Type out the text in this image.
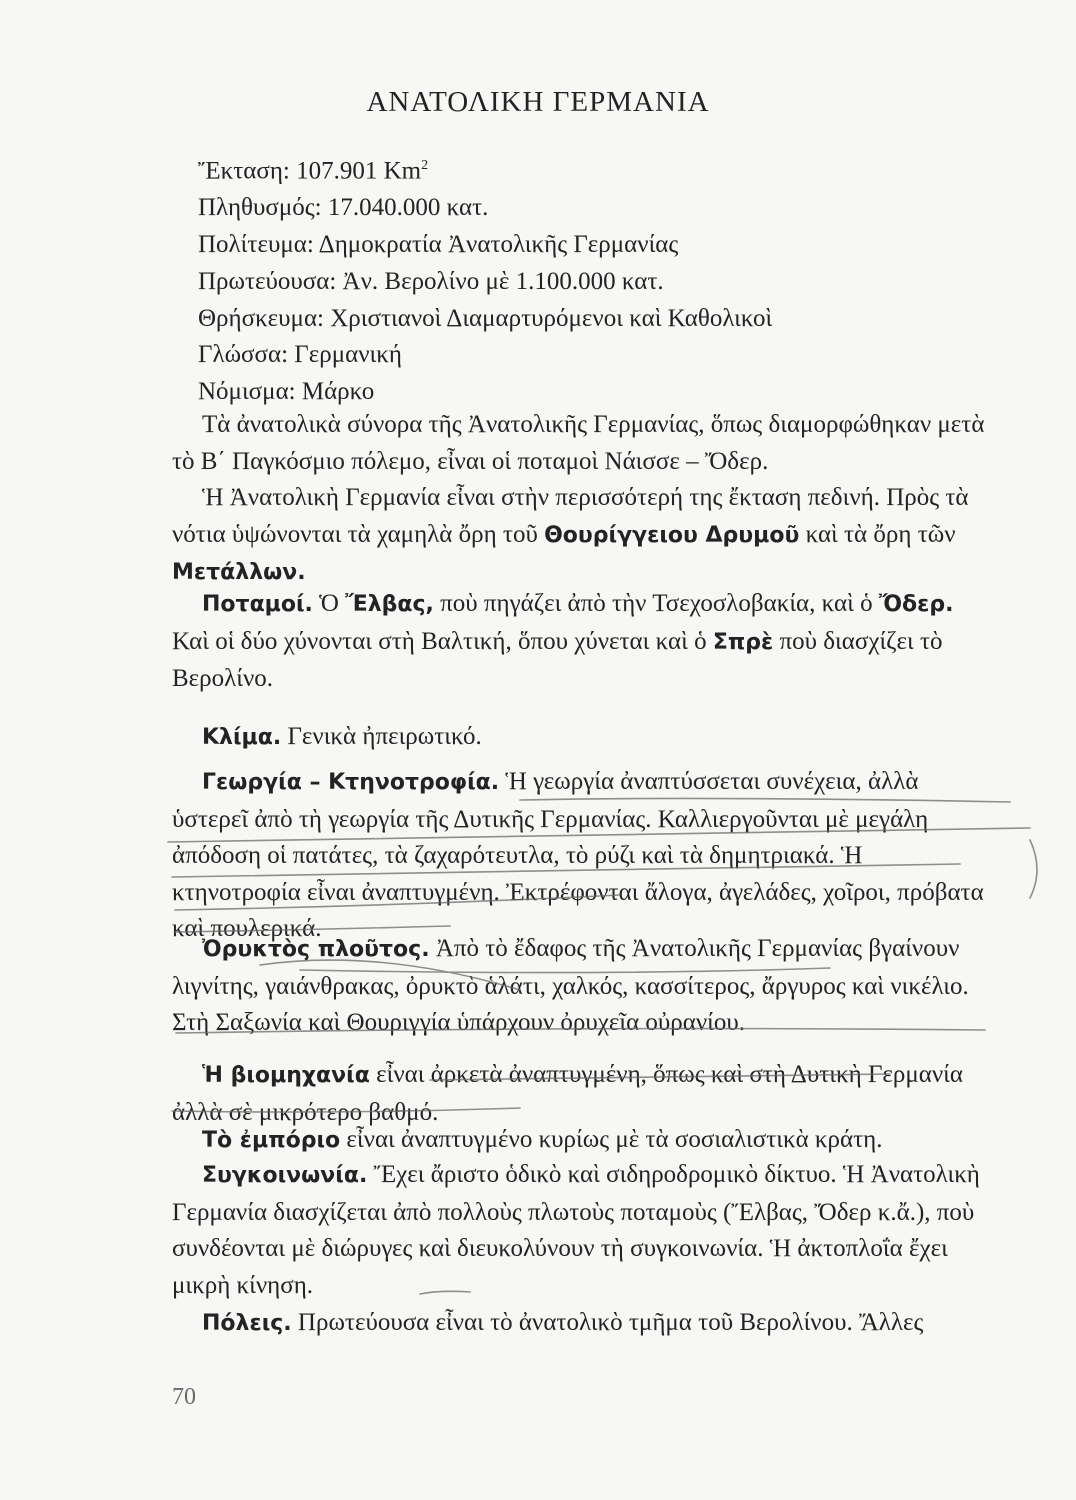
ΑΝΑΤΟΛΙΚΗ ΓΕΡΜΑΝΙΑ
Ἔκταση: 107.901 Km$^2$
Πληθυσμός: 17.040.000 κατ.
Πολίτευμα: Δημοκρατία Ἀνατολικῆς Γερμανίας
Πρωτεύουσα: Ἀν. Βερολίνο μὲ 1.100.000 κατ.
Θρήσκευμα: Χριστιανοὶ Διαμαρτυρόμενοι καὶ Καθολικοὶ
Γλώσσα: Γερμανική
Νόμισμα: Μάρκο

Τὰ ἀνατολικὰ σύνορα τῆς Ἀνατολικῆς Γερμανίας, ὅπως διαμορφώθηκαν μετὰ τὸ Β΄ Παγκόσμιο πόλεμο, εἶναι οἱ ποταμοὶ Νάισσε – Ὄδερ.
Ἡ Ἀνατολικὴ Γερμανία εἶναι στὴν περισσότερή της ἔκταση πεδινή. Πρὸς τὰ νότια ὑψώνονται τὰ χαμηλὰ ὄρη τοῦ Θουρίγγειου Δρυμοῦ καὶ τὰ ὄρη τῶν Μετάλλων.

Ποταμοί. Ὁ Ἔλβας, ποὺ πηγάζει ἀπὸ τὴν Τσεχοσλοβακία, καὶ ὁ Ὄδερ. Καὶ οἱ δύο χύνονται στὴ Βαλτική, ὅπου χύνεται καὶ ὁ Σπρὲ ποὺ διασχίζει τὸ Βερολίνο.

Κλίμα. Γενικὰ ἠπειρωτικό.

Γεωργία – Κτηνοτροφία. Ἡ γεωργία ἀναπτύσσεται συνέχεια, ἀλλὰ ὑστερεῖ ἀπὸ τὴ γεωργία τῆς Δυτικῆς Γερμανίας. Καλλιεργοῦνται μὲ μεγάλη ἀπόδοση οἱ πατάτες, τὰ ζαχαρότευτλα, τὸ ρύζι καὶ τὰ δημητριακά. Ἡ κτηνοτροφία εἶναι ἀναπτυγμένη. Ἐκτρέφονται ἄλογα, ἀγελάδες, χοῖροι, πρόβατα καὶ πουλερικά.

Ὀρυκτὸς πλοῦτος. Ἀπὸ τὸ ἔδαφος τῆς Ἀνατολικῆς Γερμανίας βγαίνουν λιγνίτης, γαιάνθρακας, ὀρυκτὸ ἁλάτι, χαλκός, κασσίτερος, ἄργυρος καὶ νικέλιο. Στὴ Σαξωνία καὶ Θουριγγία ὑπάρχουν ὀρυχεῖα οὐρανίου.

Ἡ βιομηχανία εἶναι ἀρκετὰ ἀναπτυγμένη, ὅπως καὶ στὴ Δυτικὴ Γερμανία ἀλλὰ σὲ μικρότερο βαθμό.

Τὸ ἐμπόριο εἶναι ἀναπτυγμένο κυρίως μὲ τὰ σοσιαλιστικὰ κράτη.

Συγκοινωνία. Ἔχει ἄριστο ὁδικὸ καὶ σιδηροδρομικὸ δίκτυο. Ἡ Ἀνατολικὴ Γερμανία διασχίζεται ἀπὸ πολλοὺς πλωτοὺς ποταμοὺς (Ἔλβας, Ὄδερ κ.ἄ.), ποὺ συνδέονται μὲ διώρυγες καὶ διευκολύνουν τὴ συγκοινωνία. Ἡ ἀκτοπλοΐα ἔχει μικρὴ κίνηση.

Πόλεις. Πρωτεύουσα εἶναι τὸ ἀνατολικὸ τμῆμα τοῦ Βερολίνου. Ἄλλες

70
